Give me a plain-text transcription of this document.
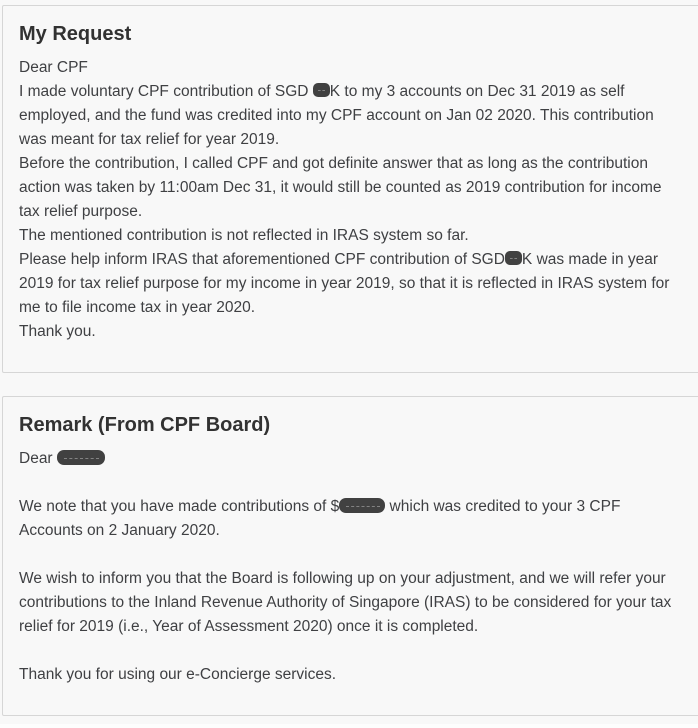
My Request

Dear CPF

I made voluntary CPF contribution of SGD K to my 3 accounts on Dec 31 2019 as self employed, and the fund was credited into my CPF account on Jan 02 2020. This contribution was meant for tax relief for year 2019.

Before the contribution, I called CPF and got definite answer that as long as the contribution action was taken by 11:00am Dec 31, it would still be counted as 2019 contribution for income tax relief purpose.

The mentioned contribution is not reflected in IRAS system so far.

Please help inform IRAS that aforementioned CPF contribution of SGD K was made in year 2019 for tax relief purpose for my income in year 2019, so that it is reflected in IRAS system for me to file income tax in year 2020.

Thank you.

Remark (From CPF Board)

Dear

We note that you have made contributions of $	which was credited to your 3 CPF Accounts on 2 January 2020.

We wish to inform you that the Board is following up on your adjustment, and we will refer your contributions to the Inland Revenue Authority of Singapore (IRAS) to be considered for your tax relief for 2019 (i.e., Year of Assessment 2020) once it is completed.

Thank you for using our e-Concierge services.
